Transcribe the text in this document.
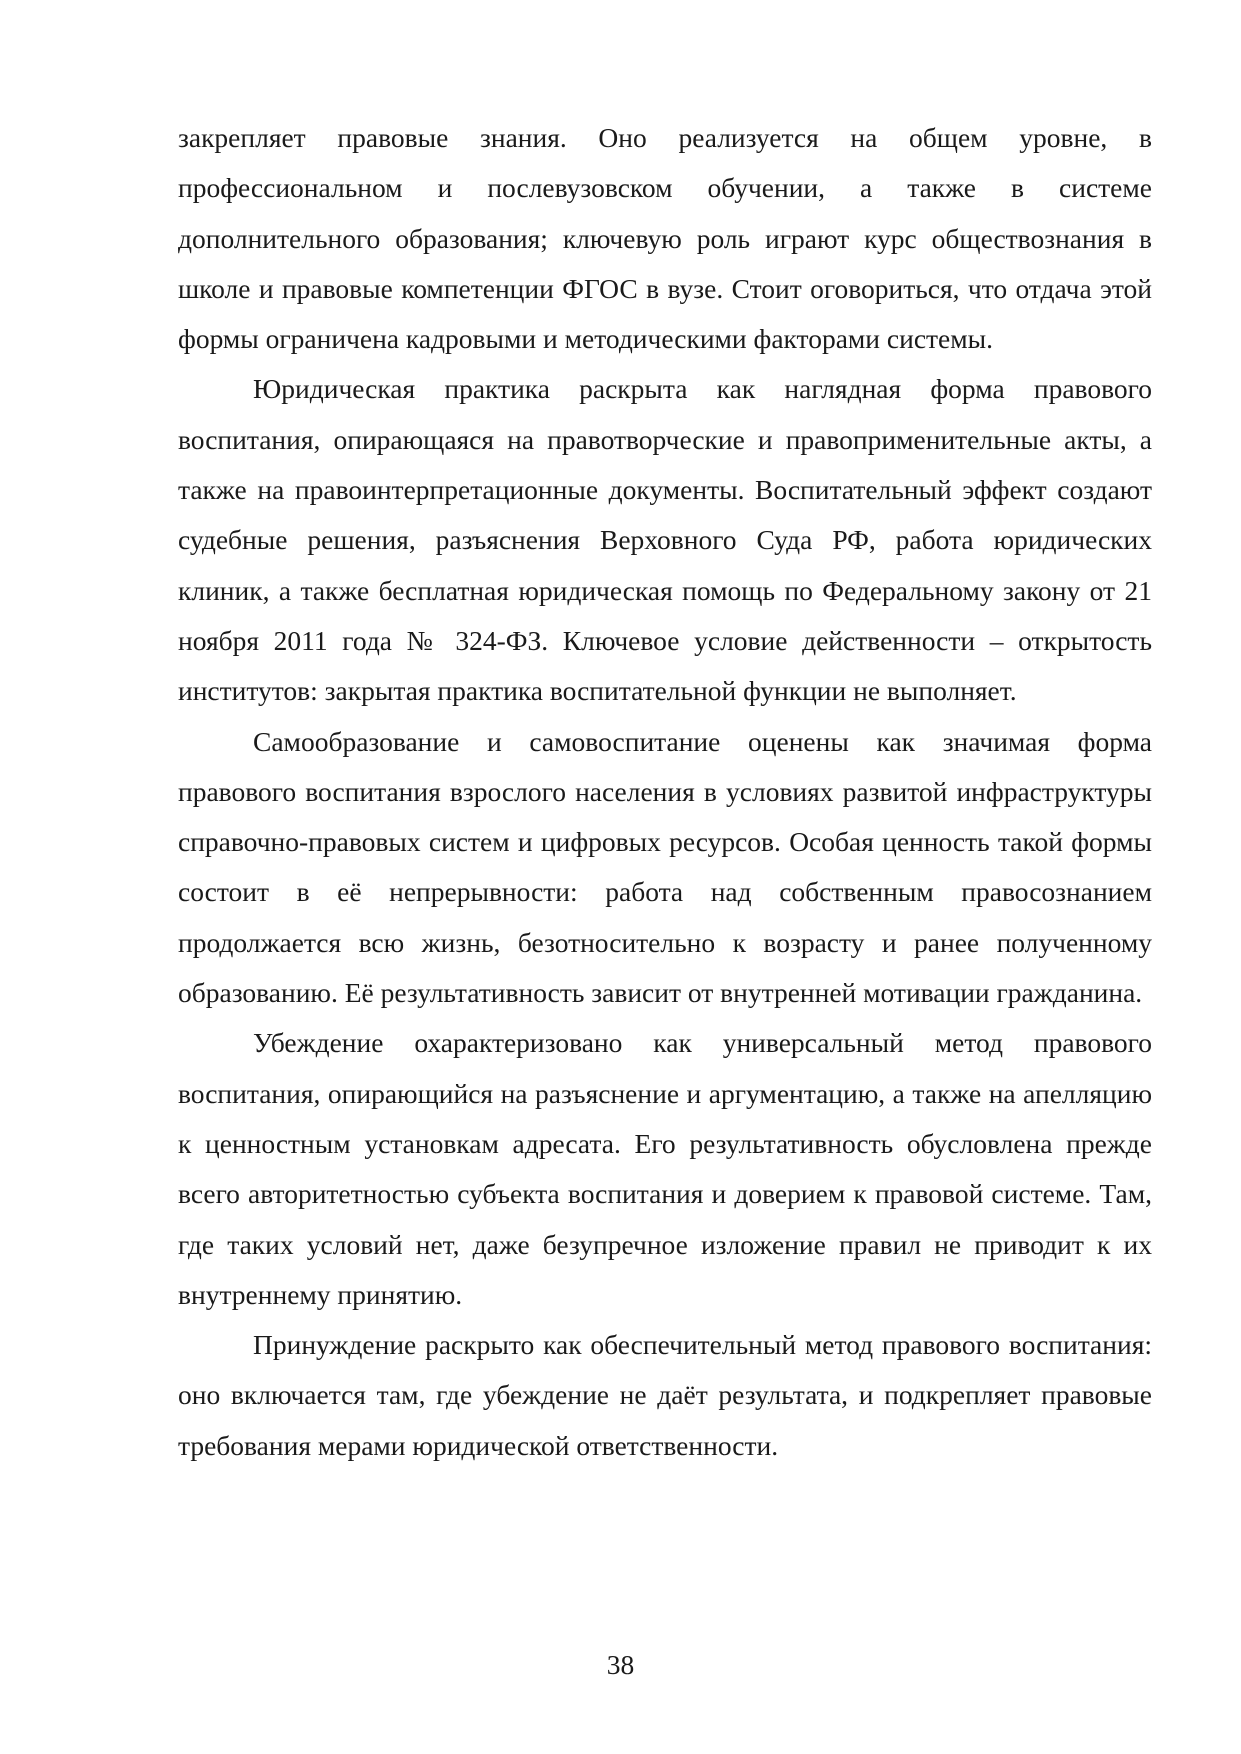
закрепляет правовые знания. Оно реализуется на общем уровне, в профессиональном и послевузовском обучении, а также в системе дополнительного образования; ключевую роль играют курс обществознания в школе и правовые компетенции ФГОС в вузе. Стоит оговориться, что отдача этой формы ограничена кадровыми и методическими факторами системы.

Юридическая практика раскрыта как наглядная форма правового воспитания, опирающаяся на правотворческие и правоприменительные акты, а также на правоинтерпретационные документы. Воспитательный эффект создают судебные решения, разъяснения Верховного Суда РФ, работа юридических клиник, а также бесплатная юридическая помощь по Федеральному закону от 21 ноября 2011 года № 324-ФЗ. Ключевое условие действенности – открытость институтов: закрытая практика воспитательной функции не выполняет.

Самообразование и самовоспитание оценены как значимая форма правового воспитания взрослого населения в условиях развитой инфраструктуры справочно-правовых систем и цифровых ресурсов. Особая ценность такой формы состоит в её непрерывности: работа над собственным правосознанием продолжается всю жизнь, безотносительно к возрасту и ранее полученному образованию. Её результативность зависит от внутренней мотивации гражданина.

Убеждение охарактеризовано как универсальный метод правового воспитания, опирающийся на разъяснение и аргументацию, а также на апелляцию к ценностным установкам адресата. Его результативность обусловлена прежде всего авторитетностью субъекта воспитания и доверием к правовой системе. Там, где таких условий нет, даже безупречное изложение правил не приводит к их внутреннему принятию.

Принуждение раскрыто как обеспечительный метод правового воспитания: оно включается там, где убеждение не даёт результата, и подкрепляет правовые требования мерами юридической ответственности.

38
